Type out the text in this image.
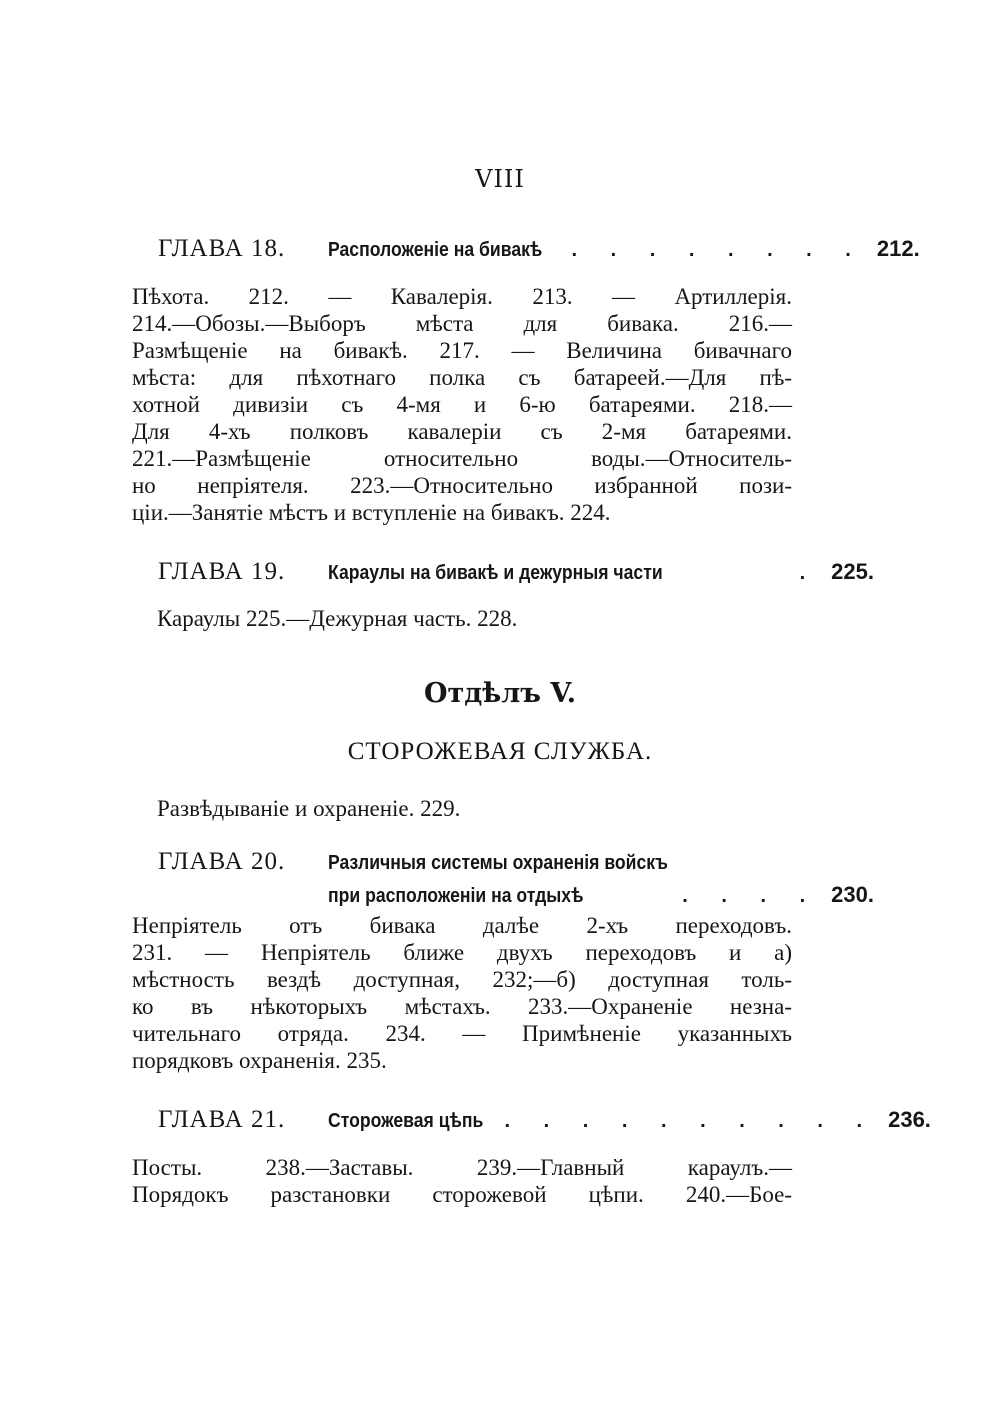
VIII
ГЛАВА 18.	Расположеніе на бивакѣ . . . . . . . . 212.
Пѣхота. 212. — Кавалерія. 213. — Артиллерія.
214.—Обозы.—Выборъ мѣста для бивака. 216.—
Размѣщеніе на бивакѣ. 217. — Величина бивачнаго
мѣста: для пѣхотнаго полка съ батареей.—Для пѣ-
хотной дивизіи съ 4-мя и 6-ю батареями. 218.—
Для 4-хъ полковъ кавалеріи съ 2-мя батареями.
221.—Размѣщеніе относительно воды.—Относитель-
но непріятеля. 223.—Относительно избранной пози-
ціи.—Занятіе мѣстъ и вступленіе на бивакъ. 224.
ГЛАВА 19.	Караулы на бивакѣ и дежурныя части	. 225.
Караулы 225.—Дежурная часть. 228.
Отдѣлъ V.
СТОРОЖЕВАЯ СЛУЖБА.
Развѣдываніе и охраненіе. 229.
ГЛАВА 20.	Различныя системы охраненія войскъ
при расположеніи на отдыхѣ	. . . . 230.
Непріятель отъ бивака далѣе 2-хъ переходовъ.
231. — Непріятель ближе двухъ переходовъ и а)
мѣстность вездѣ доступная, 232;—б) доступная толь-
ко въ нѣкоторыхъ мѣстахъ. 233.—Охраненіе незна-
чительнаго отряда. 234. — Примѣненіе указанныхъ
порядковъ охраненія. 235.
ГЛАВА 21.	Сторожевая цѣпь . . . . . . . . . . 236.
Посты. 238.—Заставы. 239.—Главный караулъ.—
Порядокъ разстановки сторожевой цѣпи. 240.—Бое-
